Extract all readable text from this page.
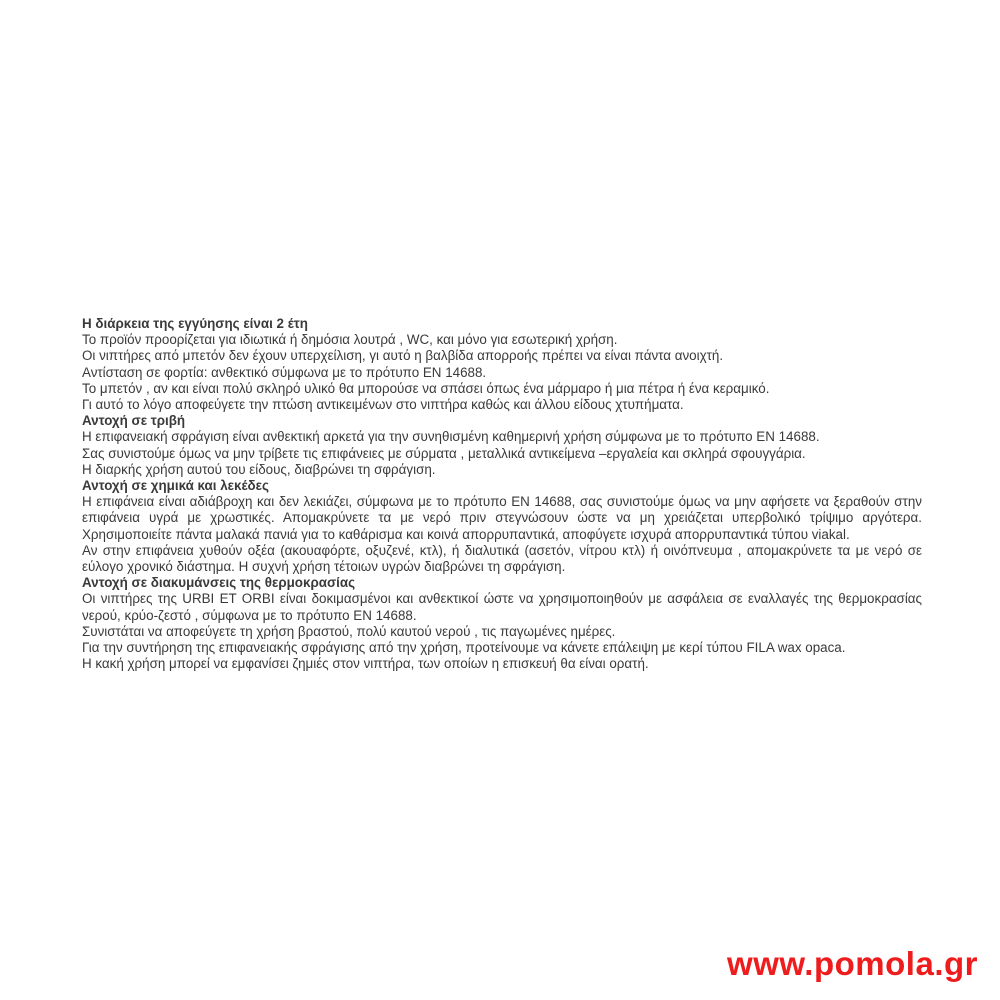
Η διάρκεια της εγγύησης είναι 2 έτη

Το προϊόν προορίζεται για ιδιωτικά ή δημόσια λουτρά , WC, και μόνο για εσωτερική χρήση.

Οι νιπτήρες από μπετόν δεν έχουν υπερχείλιση, γι αυτό η βαλβίδα απορροής πρέπει να είναι πάντα ανοιχτή.

Αντίσταση σε φορτία: ανθεκτικό σύμφωνα με το πρότυπο EN 14688.

Το μπετόν , αν και είναι πολύ σκληρό υλικό θα μπορούσε να σπάσει όπως ένα μάρμαρο ή μια πέτρα ή ένα κεραμικό.

Γι αυτό το λόγο αποφεύγετε την πτώση αντικειμένων στο νιπτήρα καθώς και άλλου είδους χτυπήματα.

Αντοχή σε τριβή

Η επιφανειακή σφράγιση είναι ανθεκτική αρκετά για την συνηθισμένη καθημερινή χρήση σύμφωνα με το πρότυπο EN 14688.

Σας συνιστούμε όμως να μην τρίβετε τις επιφάνειες με σύρματα , μεταλλικά αντικείμενα –εργαλεία και σκληρά σφουγγάρια.

Η διαρκής χρήση αυτού του είδους, διαβρώνει τη σφράγιση.

Αντοχή σε χημικά και λεκέδες

Η επιφάνεια είναι αδιάβροχη και δεν λεκιάζει, σύμφωνα με το πρότυπο EN 14688, σας συνιστούμε όμως να μην αφήσετε να ξεραθούν στην επιφάνεια υγρά με χρωστικές. Απομακρύνετε τα με νερό πριν στεγνώσουν ώστε να μη χρειάζεται υπερβολικό τρίψιμο αργότερα. Χρησιμοποιείτε πάντα μαλακά πανιά για το καθάρισμα και κοινά απορρυπαντικά, αποφύγετε ισχυρά απορρυπαντικά τύπου viakal.

Αν στην επιφάνεια χυθούν οξέα (ακουαφόρτε, οξυζενέ, κτλ), ή διαλυτικά (ασετόν, νίτρου κτλ) ή οινόπνευμα , απομακρύνετε τα με νερό σε εύλογο χρονικό διάστημα. Η συχνή χρήση τέτοιων υγρών διαβρώνει τη σφράγιση.

Αντοχή σε διακυμάνσεις της θερμοκρασίας

Οι νιπτήρες της URBI ET ORBI είναι δοκιμασμένοι και ανθεκτικοί ώστε να χρησιμοποιηθούν με ασφάλεια σε εναλλαγές της θερμοκρασίας νερού, κρύο-ζεστό , σύμφωνα με το πρότυπο EN 14688.

Συνιστάται να αποφεύγετε τη χρήση βραστού, πολύ καυτού νερού , τις παγωμένες ημέρες.

Για την συντήρηση της επιφανειακής σφράγισης από την χρήση, προτείνουμε να κάνετε επάλειψη με κερί τύπου FILA wax opaca.

Η κακή χρήση μπορεί να εμφανίσει ζημιές στον νιπτήρα, των οποίων η επισκευή θα είναι ορατή.

www.pomola.gr
